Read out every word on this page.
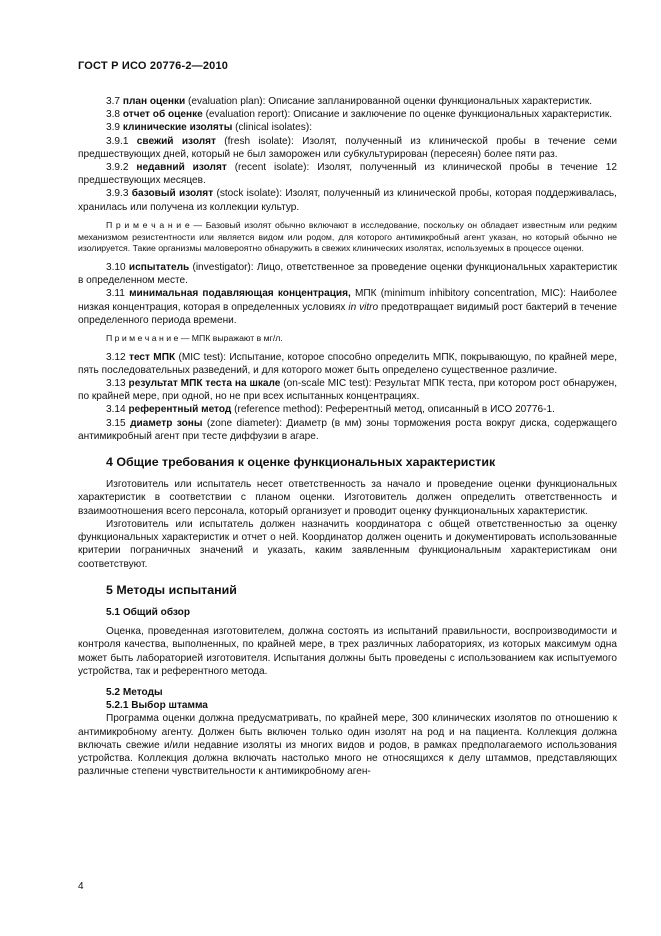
ГОСТ Р ИСО 20776-2—2010

3.7 план оценки (evaluation plan): Описание запланированной оценки функциональных характеристик.

3.8 отчет об оценке (evaluation report): Описание и заключение по оценке функциональных характеристик.

3.9 клинические изоляты (clinical isolates):

3.9.1 свежий изолят (fresh isolate): Изолят, полученный из клинической пробы в течение семи предшествующих дней, который не был заморожен или субкультурирован (пересеян) более пяти раз.

3.9.2 недавний изолят (recent isolate): Изолят, полученный из клинической пробы в течение 12 предшествующих месяцев.

3.9.3 базовый изолят (stock isolate): Изолят, полученный из клинической пробы, которая поддерживалась, хранилась или получена из коллекции культур.

П р и м е ч а н и е — Базовый изолят обычно включают в исследование, поскольку он обладает известным или редким механизмом резистентности или является видом или родом, для которого антимикробный агент указан, но который обычно не изолируется. Такие организмы маловероятно обнаружить в свежих клинических изолятах, используемых в процессе оценки.

3.10 испытатель (investigator): Лицо, ответственное за проведение оценки функциональных характеристик в определенном месте.

3.11 минимальная подавляющая концентрация, МПК (minimum inhibitory concentration, MIC): Наиболее низкая концентрация, которая в определенных условиях in vitro предотвращает видимый рост бактерий в течение определенного периода времени.

П р и м е ч а н и е — МПК выражают в мг/л.

3.12 тест МПК (MIC test): Испытание, которое способно определить МПК, покрывающую, по крайней мере, пять последовательных разведений, и для которого может быть определено существенное различие.

3.13 результат МПК теста на шкале (on-scale MIC test): Результат МПК теста, при котором рост обнаружен, по крайней мере, при одной, но не при всех испытанных концентрациях.

3.14 референтный метод (reference method): Референтный метод, описанный в ИСО 20776-1.

3.15 диаметр зоны (zone diameter): Диаметр (в мм) зоны торможения роста вокруг диска, содержащего антимикробный агент при тесте диффузии в агаре.

4 Общие требования к оценке функциональных характеристик

Изготовитель или испытатель несет ответственность за начало и проведение оценки функциональных характеристик в соответствии с планом оценки. Изготовитель должен определить ответственность и взаимоотношения всего персонала, который организует и проводит оценку функциональных характеристик.

Изготовитель или испытатель должен назначить координатора с общей ответственностью за оценку функциональных характеристик и отчет о ней. Координатор должен оценить и документировать использованные критерии пограничных значений и указать, каким заявленным функциональным характеристикам они соответствуют.

5 Методы испытаний

5.1 Общий обзор

Оценка, проведенная изготовителем, должна состоять из испытаний правильности, воспроизводимости и контроля качества, выполненных, по крайней мере, в трех различных лабораториях, из которых максимум одна может быть лабораторией изготовителя. Испытания должны быть проведены с использованием как испытуемого устройства, так и референтного метода.

5.2 Методы

5.2.1 Выбор штамма

Программа оценки должна предусматривать, по крайней мере, 300 клинических изолятов по отношению к антимикробному агенту. Должен быть включен только один изолят на род и на пациента. Коллекция должна включать свежие и/или недавние изоляты из многих видов и родов, в рамках предполагаемого использования устройства. Коллекция должна включать настолько много не относящихся к делу штаммов, представляющих различные степени чувствительности к антимикробному аген-

4
